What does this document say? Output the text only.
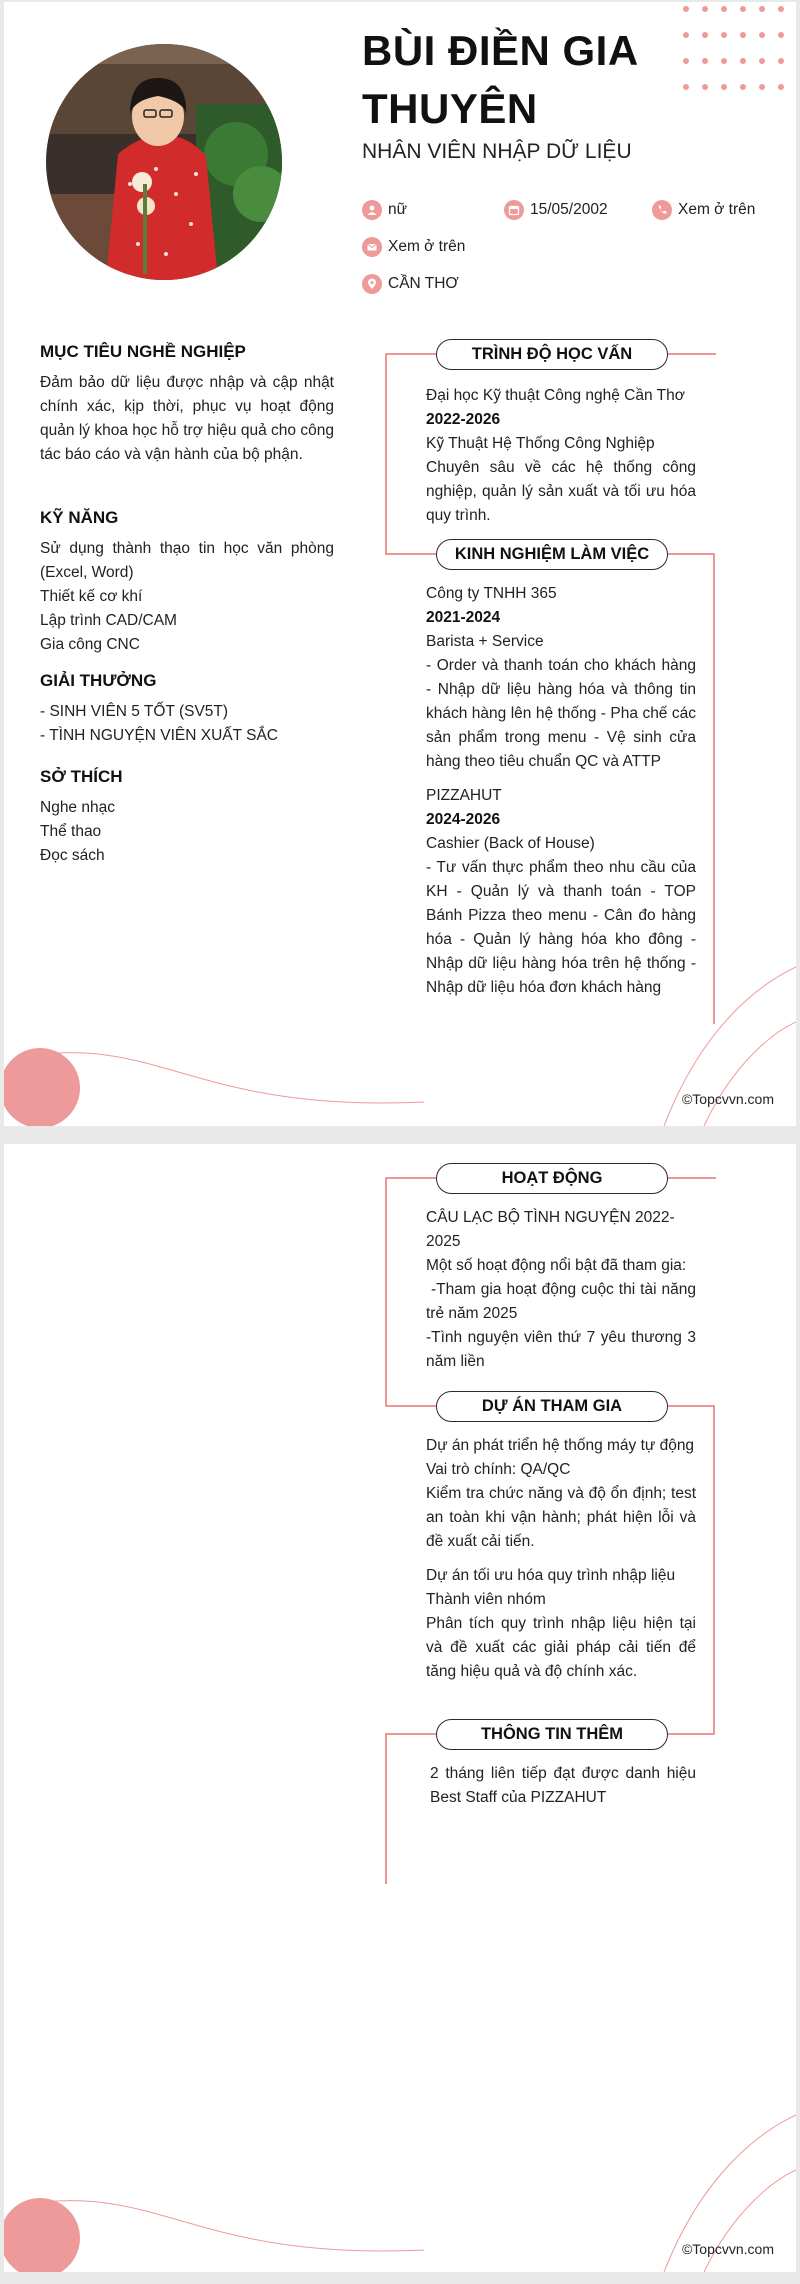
BÙI ĐIỀN GIA THUYÊN
NHÂN VIÊN NHẬP DỮ LIỆU
nữ	15/05/2002	Xem ở trên
Xem ở trên
CẦN THƠ
MỤC TIÊU NGHỀ NGHIỆP
Đảm bảo dữ liệu được nhập và cập nhật chính xác, kịp thời, phục vụ hoạt động quản lý khoa học hỗ trợ hiệu quả cho công tác báo cáo và vận hành của bộ phận.
KỸ NĂNG
Sử dụng thành thạo tin học văn phòng (Excel, Word)
Thiết kế cơ khí
Lập trình CAD/CAM
Gia công CNC
GIẢI THƯỞNG
- SINH VIÊN 5 TỐT (SV5T)
- TÌNH NGUYỆN VIÊN XUẤT SẮC
SỞ THÍCH
Nghe nhạc
Thể thao
Đọc sách
TRÌNH ĐỘ HỌC VẤN
Đại học Kỹ thuật Công nghệ Cần Thơ
2022-2026
Kỹ Thuật Hệ Thống Công Nghiệp
Chuyên sâu về các hệ thống công nghiệp, quản lý sản xuất và tối ưu hóa quy trình.
KINH NGHIỆM LÀM VIỆC
Công ty TNHH 365
2021-2024
Barista + Service
- Order và thanh toán cho khách hàng - Nhập dữ liệu hàng hóa và thông tin khách hàng lên hệ thống - Pha chế các sản phẩm trong menu - Vệ sinh cửa hàng theo tiêu chuẩn QC và ATTP
PIZZAHUT
2024-2026
Cashier (Back of House)
- Tư vấn thực phẩm theo nhu cầu của KH - Quản lý và thanh toán - TOP Bánh Pizza theo menu - Cân đo hàng hóa - Quản lý hàng hóa kho đông - Nhập dữ liệu hàng hóa trên hệ thống - Nhập dữ liệu hóa đơn khách hàng
©Topcvvn.com
HOẠT ĐỘNG
CÂU LẠC BỘ TÌNH NGUYỆN 2022-2025
Một số hoạt động nổi bật đã tham gia:
-Tham gia hoạt động cuộc thi tài năng trẻ năm 2025
-Tình nguyện viên thứ 7 yêu thương 3 năm liền
DỰ ÁN THAM GIA
Dự án phát triển hệ thống máy tự động
Vai trò chính: QA/QC
Kiểm tra chức năng và độ ổn định; test an toàn khi vận hành; phát hiện lỗi và đề xuất cải tiến.
Dự án tối ưu hóa quy trình nhập liệu
Thành viên nhóm
Phân tích quy trình nhập liệu hiện tại và đề xuất các giải pháp cải tiến để tăng hiệu quả và độ chính xác.
THÔNG TIN THÊM
2 tháng liên tiếp đạt được danh hiệu Best Staff của PIZZAHUT
©Topcvvn.com
